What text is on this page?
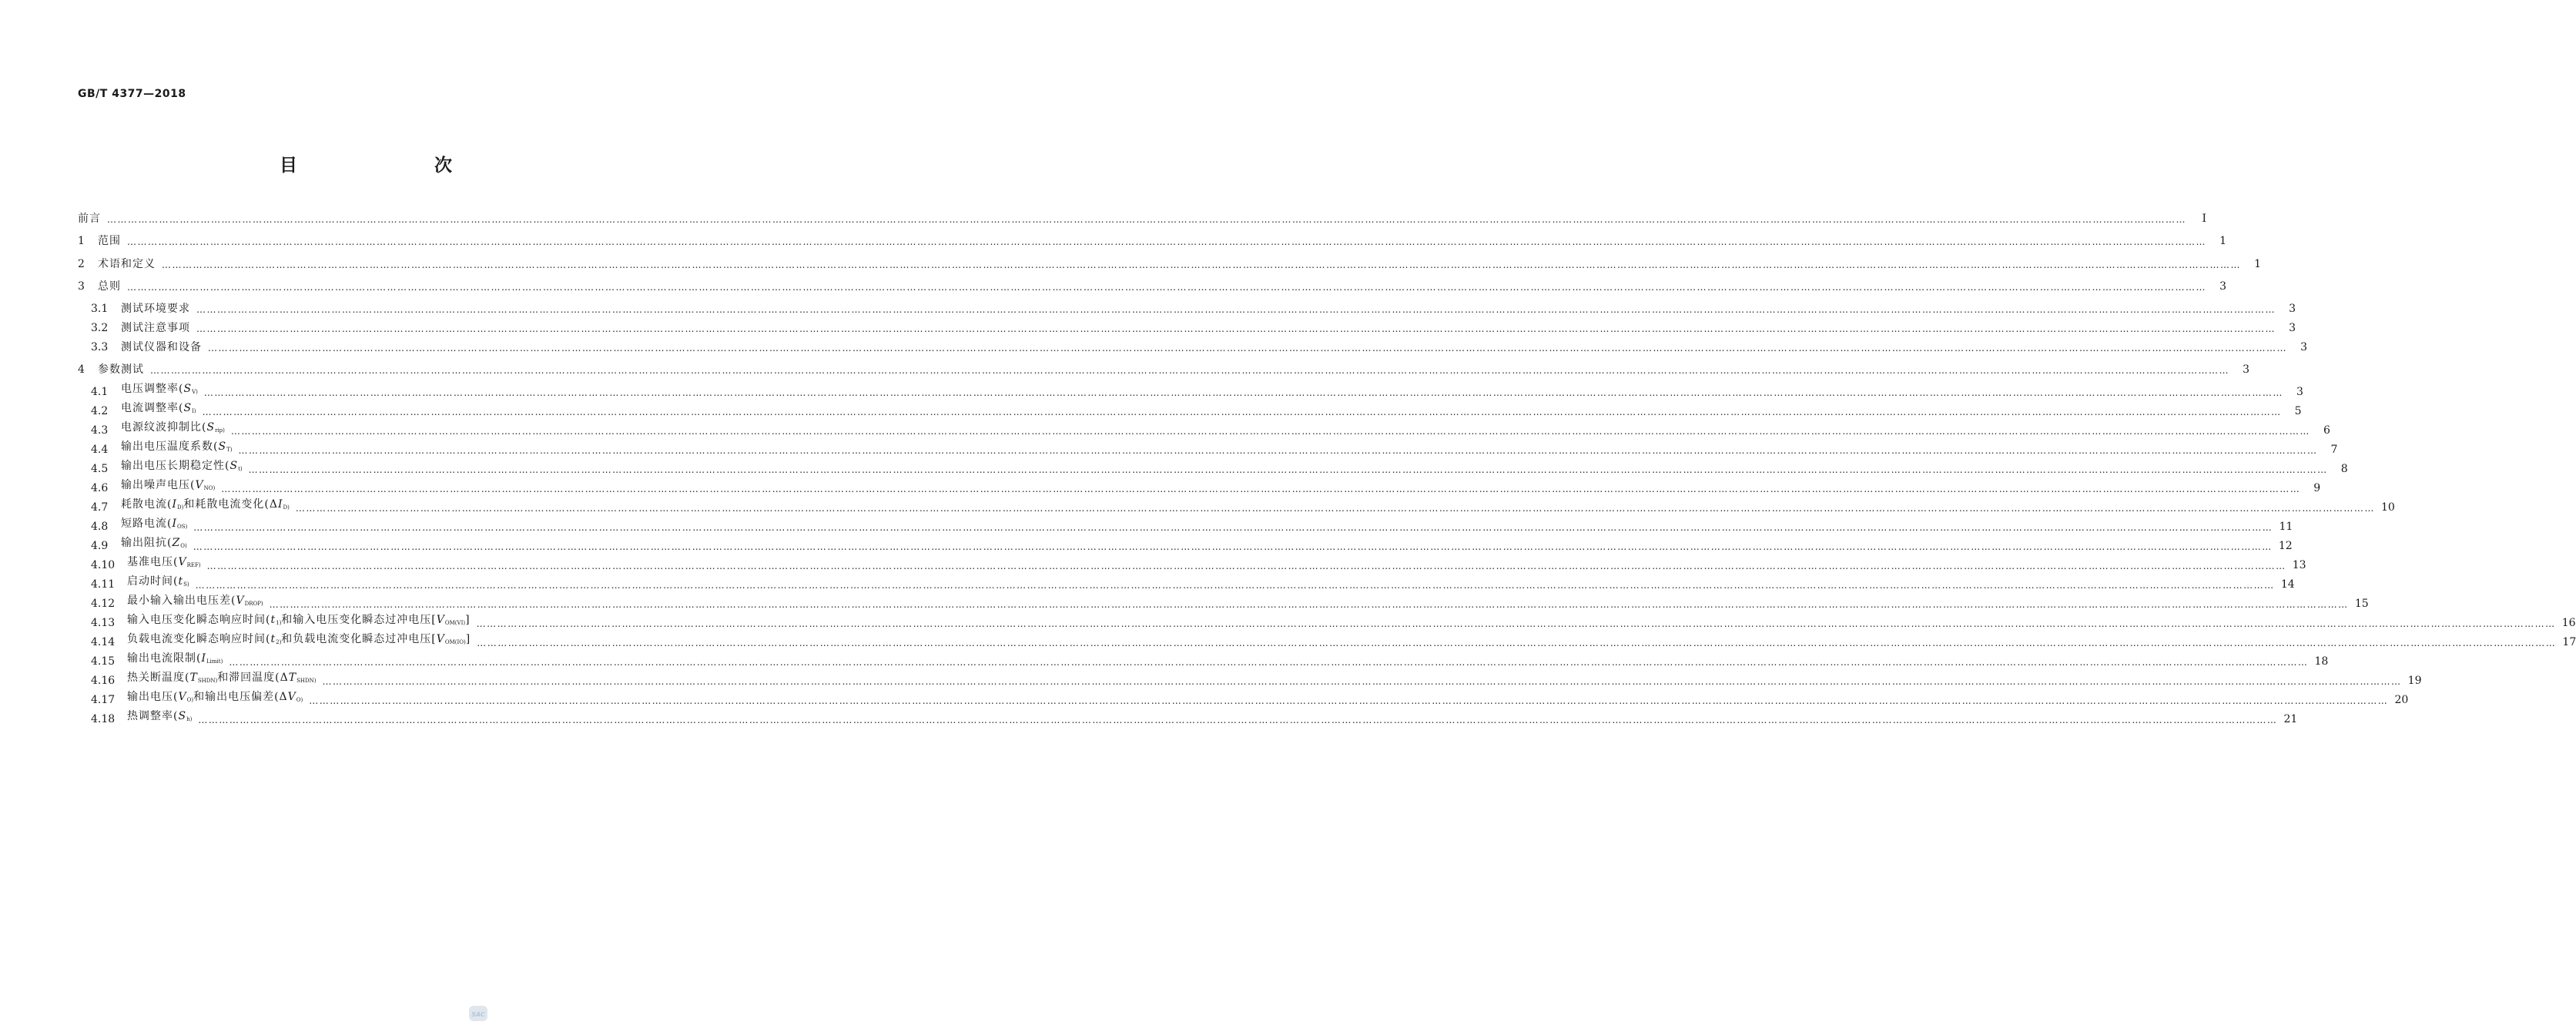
GB/T 4377—2018
目　　次
前言 ……………………………………………………………………………………………………………………………………………………………………………………………………………………………………………………………………………………………………………………………………………………………………………………………………………………………………………………………………………………………………………………………………………………	Ⅰ
1	范围 ……………………………………………………………………………………………………………………………………………………………………………………………………………………………………………………………………………………………………………………………………………………………………………………………………………………………………………………………………………………………………………………………………………………	1
2	术语和定义 ……………………………………………………………………………………………………………………………………………………………………………………………………………………………………………………………………………………………………………………………………………………………………………………………………………………………………………………………………………………………………………………………………………………	1
3	总则 ……………………………………………………………………………………………………………………………………………………………………………………………………………………………………………………………………………………………………………………………………………………………………………………………………………………………………………………………………………………………………………………………………………………	3
3.1	测试环境要求 ……………………………………………………………………………………………………………………………………………………………………………………………………………………………………………………………………………………………………………………………………………………………………………………………………………………………………………………………………………………………………………………………………………………	3
3.2	测试注意事项 ……………………………………………………………………………………………………………………………………………………………………………………………………………………………………………………………………………………………………………………………………………………………………………………………………………………………………………………………………………………………………………………………………………………	3
3.3	测试仪器和设备 ……………………………………………………………………………………………………………………………………………………………………………………………………………………………………………………………………………………………………………………………………………………………………………………………………………………………………………………………………………………………………………………………………………………	3
4	参数测试 ……………………………………………………………………………………………………………………………………………………………………………………………………………………………………………………………………………………………………………………………………………………………………………………………………………………………………………………………………………………………………………………………………………………	3
4.1	电压调整率($S_{V)}$ ……………………………………………………………………………………………………………………………………………………………………………………………………………………………………………………………………………………………………………………………………………………………………………………………………………………………………………………………………………………………………………………………………………………	3
4.2	电流调整率($S_{I)}$ ……………………………………………………………………………………………………………………………………………………………………………………………………………………………………………………………………………………………………………………………………………………………………………………………………………………………………………………………………………………………………………………………………………………	5
4.3	电源纹波抑制比($S_{rip)}$ ……………………………………………………………………………………………………………………………………………………………………………………………………………………………………………………………………………………………………………………………………………………………………………………………………………………………………………………………………………………………………………………………………………………	6
4.4	输出电压温度系数($S_{T)}$ ……………………………………………………………………………………………………………………………………………………………………………………………………………………………………………………………………………………………………………………………………………………………………………………………………………………………………………………………………………………………………………………………………………………	7
4.5	输出电压长期稳定性($S_{t)}$ ……………………………………………………………………………………………………………………………………………………………………………………………………………………………………………………………………………………………………………………………………………………………………………………………………………………………………………………………………………………………………………………………………………………	8
4.6	输出噪声电压($V_{NO)}$ ……………………………………………………………………………………………………………………………………………………………………………………………………………………………………………………………………………………………………………………………………………………………………………………………………………………………………………………………………………………………………………………………………………………	9
4.7	耗散电流($I_{D)}$和耗散电流变化($\Delta I_{D)}$ …………………………………………………………………………………………………………………………………………………………………………………………………………………………………………………………………………………………………………………………………………………………………………………………………………………………………………………………………………………………………………………………………………………… 10
4.8	短路电流($I_{OS)}$ …………………………………………………………………………………………………………………………………………………………………………………………………………………………………………………………………………………………………………………………………………………………………………………………………………………………………………………………………………………………………………………………………………………… 11
4.9	输出阻抗($Z_{O)}$ …………………………………………………………………………………………………………………………………………………………………………………………………………………………………………………………………………………………………………………………………………………………………………………………………………………………………………………………………………………………………………………………………………………… 12
4.10	基准电压($V_{REF)}$ …………………………………………………………………………………………………………………………………………………………………………………………………………………………………………………………………………………………………………………………………………………………………………………………………………………………………………………………………………………………………………………………………………………… 13
4.11	启动时间($t_{S)}$ …………………………………………………………………………………………………………………………………………………………………………………………………………………………………………………………………………………………………………………………………………………………………………………………………………………………………………………………………………………………………………………………………………………… 14
4.12	最小输入输出电压差($V_{DROP)}$ …………………………………………………………………………………………………………………………………………………………………………………………………………………………………………………………………………………………………………………………………………………………………………………………………………………………………………………………………………………………………………………………………………………… 15
4.13	输入电压变化瞬态响应时间($t_{1)}$和输入电压变化瞬态过冲电压$[V_{OM(VI)}]$ …………………………………………………………………………………………………………………………………………………………………………………………………………………………………………………………………………………………………………………………………………………………………………………………………………………………………………………………………………………………………………………………………………………… 16
4.14	负载电流变化瞬态响应时间($t_{2)}$和负载电流变化瞬态过冲电压$[V_{OM(IO)}]$ …………………………………………………………………………………………………………………………………………………………………………………………………………………………………………………………………………………………………………………………………………………………………………………………………………………………………………………………………………………………………………………………………………………… 17
4.15	输出电流限制($I_{Limit)}$ …………………………………………………………………………………………………………………………………………………………………………………………………………………………………………………………………………………………………………………………………………………………………………………………………………………………………………………………………………………………………………………………………………………… 18
4.16	热关断温度($T_{SHDN)}$和滞回温度($\Delta T_{SHDN)}$ …………………………………………………………………………………………………………………………………………………………………………………………………………………………………………………………………………………………………………………………………………………………………………………………………………………………………………………………………………………………………………………………………………………… 19
4.17	输出电压($V_{O)}$和输出电压偏差($\Delta V_{O)}$ …………………………………………………………………………………………………………………………………………………………………………………………………………………………………………………………………………………………………………………………………………………………………………………………………………………………………………………………………………………………………………………………………………………… 20
4.18	热调整率($S_{h)}$ …………………………………………………………………………………………………………………………………………………………………………………………………………………………………………………………………………………………………………………………………………………………………………………………………………………………………………………………………………………………………………………………………………………… 21
SAC
